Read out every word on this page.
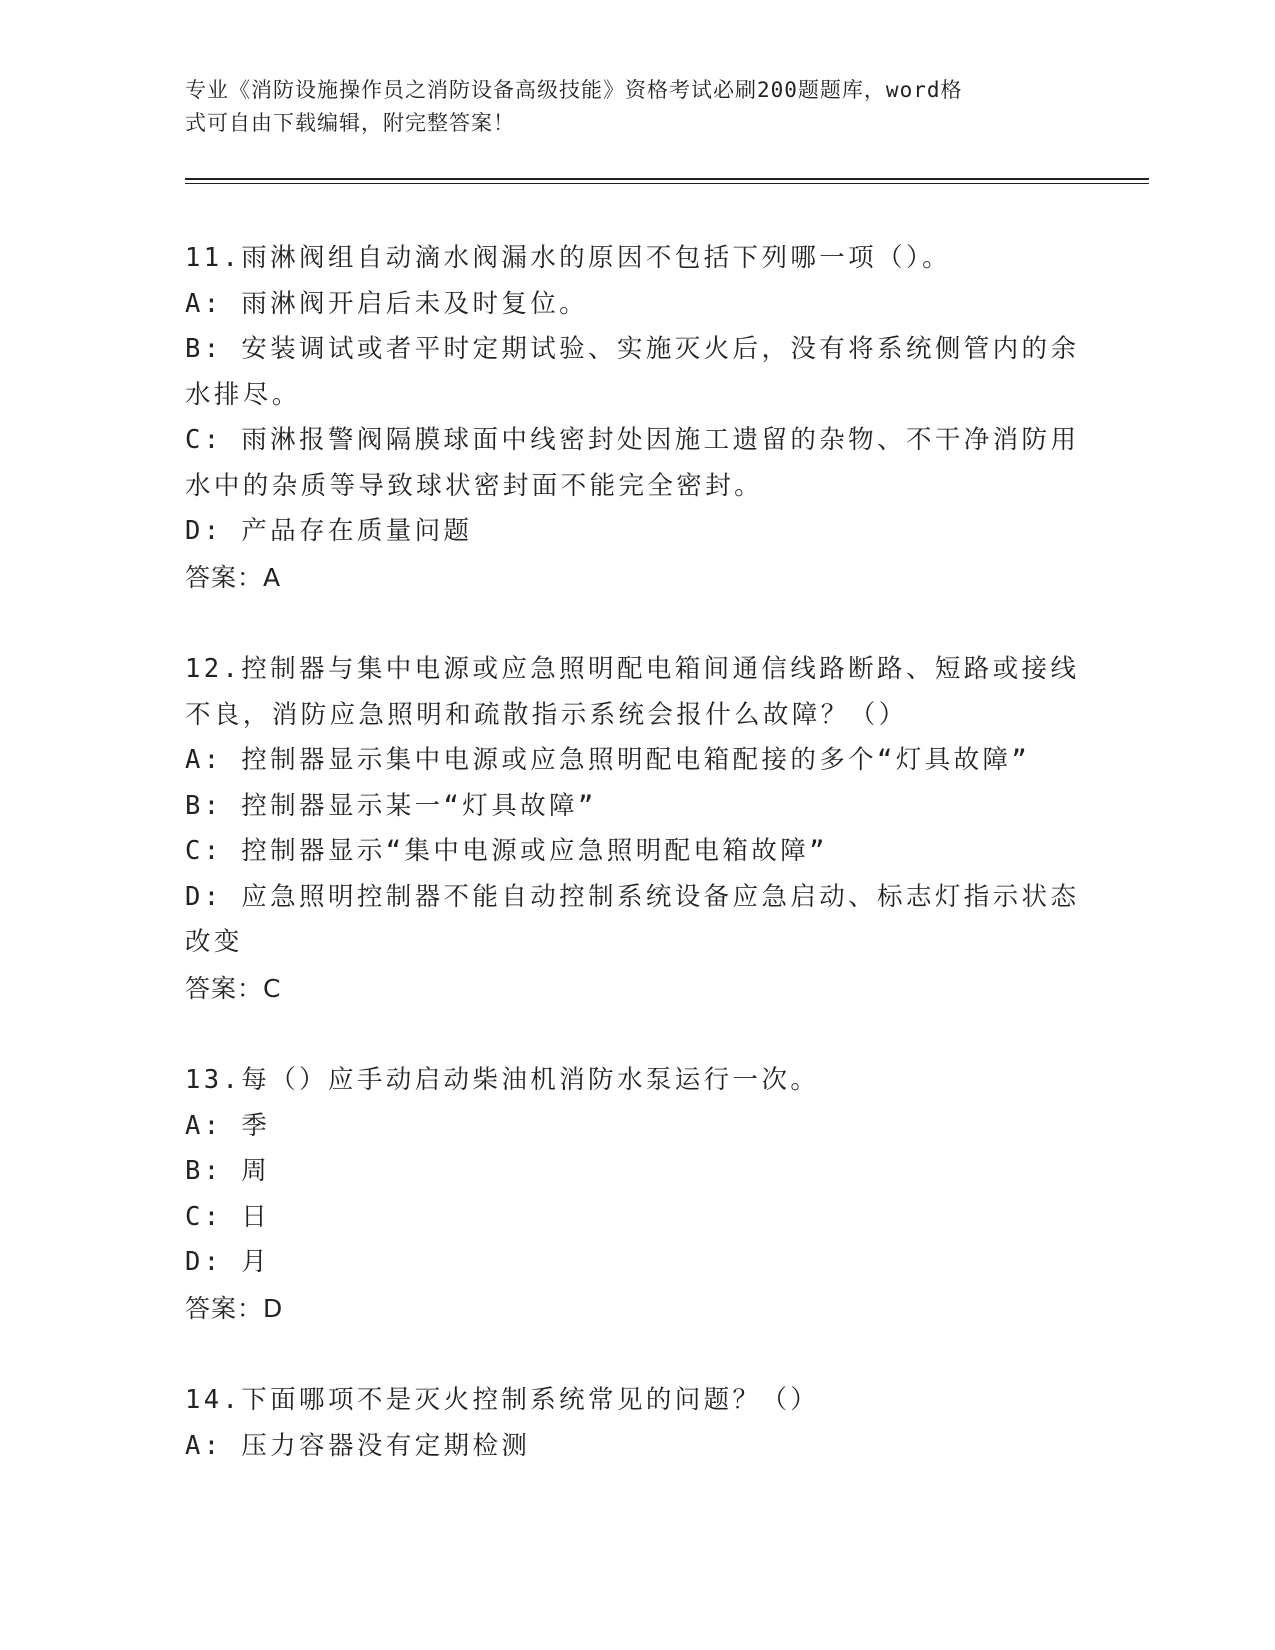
专业《消防设施操作员之消防设备高级技能》资格考试必刷200题题库，word格
式可自由下载编辑，附完整答案！
11.雨淋阀组自动滴水阀漏水的原因不包括下列哪一项（）。
A: 雨淋阀开启后未及时复位。
B: 安装调试或者平时定期试验、实施灭火后，没有将系统侧管内的余水排尽。
C: 雨淋报警阀隔膜球面中线密封处因施工遗留的杂物、不干净消防用水中的杂质等导致球状密封面不能完全密封。
D: 产品存在质量问题
答案：A
12.控制器与集中电源或应急照明配电箱间通信线路断路、短路或接线不良，消防应急照明和疏散指示系统会报什么故障？（）
A: 控制器显示集中电源或应急照明配电箱配接的多个“灯具故障”
B: 控制器显示某一“灯具故障”
C: 控制器显示“集中电源或应急照明配电箱故障”
D: 应急照明控制器不能自动控制系统设备应急启动、标志灯指示状态改变
答案：C
13.每（）应手动启动柴油机消防水泵运行一次。
A: 季
B: 周
C: 日
D: 月
答案：D
14.下面哪项不是灭火控制系统常见的问题？（）
A: 压力容器没有定期检测
